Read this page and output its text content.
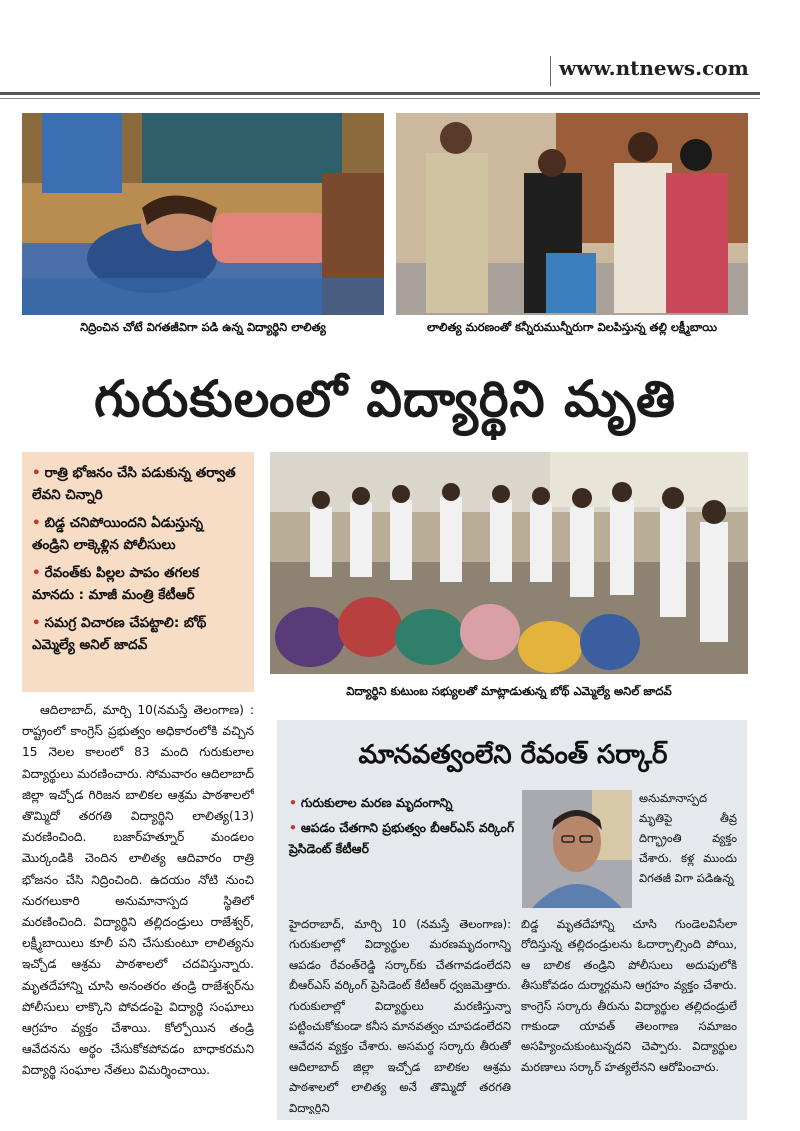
www.ntnews.com
నిద్రించిన చోటే విగతజీవిగా పడి ఉన్న విద్యార్థిని లాలిత్య	లాలిత్య మరణంతో కన్నీరుమున్నీరుగా విలపిస్తున్న తల్లి లక్ష్మీబాయి
గురుకులంలో విద్యార్థిని మృతి
• రాత్రి భోజనం చేసి పడుకున్న తర్వాత లేవని చిన్నారి
• బిడ్డ చనిపోయిందని ఏడుస్తున్న తండ్రిని లాక్కెళ్లిన పోలీసులు
• రేవంత్‌కు పిల్లల పాపం తగలక మానదు : మాజీ మంత్రి కేటీఆర్
• సమగ్ర విచారణ చేపట్టాలి: బోథ్ ఎమ్మెల్యే అనిల్ జాదవ్
విద్యార్థిని కుటుంబ సభ్యులతో మాట్లాడుతున్న బోథ్ ఎమ్మెల్యే అనిల్ జాదవ్

ఆదిలాబాద్, మార్చి 10(నమస్తే తెలంగాణ) : రాష్ట్రంలో కాంగ్రెస్ ప్రభుత్వం అధికారంలోకి వచ్చిన 15 నెలల కాలంలో 83 మంది గురుకులాల విద్యార్థులు మరణించారు. సోమవారం ఆదిలాబాద్ జిల్లా ఇచ్చోడ గిరిజన బాలికల ఆశ్రమ పాఠశాలలో తొమ్మిదో తరగతి విద్యార్థిని లాలిత్య(13) మరణించింది. బజార్‌హత్నూర్ మండలం మొర్కండికి చెందిన లాలిత్య ఆదివారం రాత్రి భోజనం చేసి నిద్రించింది. ఉదయం నోటి నుంచి నురగలుకారి అనుమానాస్పద స్థితిలో మరణించింది. విద్యార్థిని తల్లిదండ్రులు రాజేశ్వర్, లక్ష్మీబాయిలు కూలీ పని చేసుకుంటూ లాలిత్యను ఇచ్చోడ ఆశ్రమ పాఠశాలలో చదవిస్తున్నారు. మృతదేహాన్ని చూసి అనంతరం తండ్రి రాజేశ్వర్‌ను పోలీసులు లాక్కొని పోవడంపై విద్యార్థి సంఘాలు ఆగ్రహం వ్యక్తం చేశాయి. కోల్పోయిన తండ్రి ఆవేదనను అర్థం చేసుకోకపోవడం బాధాకరమని విద్యార్థి సంఘాల నేతలు విమర్శించాయి.

మానవత్వంలేని రేవంత్ సర్కార్
• గురుకులాల మరణ మృదంగాన్ని
• ఆపడం చేతగాని ప్రభుత్వం బీఆర్‌ఎస్ వర్కింగ్ ప్రెసిడెంట్ కేటీఆర్
అనుమానాస్పద మృతిపై తీవ్ర దిగ్భ్రాంతి వ్యక్తం చేశారు. కళ్ల ముందు విగతజీ విగా పడిఉన్న
హైదరాబాద్, మార్చి 10 (నమస్తే తెలంగాణ): గురుకులాల్లో విద్యార్థుల మరణమృదంగాన్ని ఆపడం రేవంత్‌రెడ్డి సర్కార్‌కు చేతగావడంలేదని బీఆర్‌ఎస్ వర్కింగ్ ప్రెసిడెంట్ కేటీఆర్ ధ్వజమెత్తారు. గురుకులాల్లో విద్యార్థులు మరణిస్తున్నా పట్టించుకోకుండా కనీస మానవత్వం చూపడంలేదని ఆవేదన వ్యక్తం చేశారు. అసమర్థ సర్కారు తీరుతో ఆదిలాబాద్ జిల్లా ఇచ్చోడ బాలికల ఆశ్రమ పాఠశాలలో లాలిత్య అనే తొమ్మిదో తరగతి విద్యార్థిని
బిడ్డ మృతదేహాన్ని చూసి గుండెలవిసేలా రోదిస్తున్న తల్లిదండ్రులను ఓదార్చాల్సింది పోయి, ఆ బాలిక తండ్రిని పోలీసులు అదుపులోకి తీసుకోవడం దుర్మార్గమని ఆగ్రహం వ్యక్తం చేశారు. కాంగ్రెస్ సర్కారు తీరును విద్యార్థుల తల్లిదండ్రులే గాకుండా యావత్ తెలంగాణ సమాజం అసహ్యించుకుంటున్నదని చెప్పారు. విద్యార్థుల మరణాలు సర్కార్ హత్యలేనని ఆరోపించారు.
